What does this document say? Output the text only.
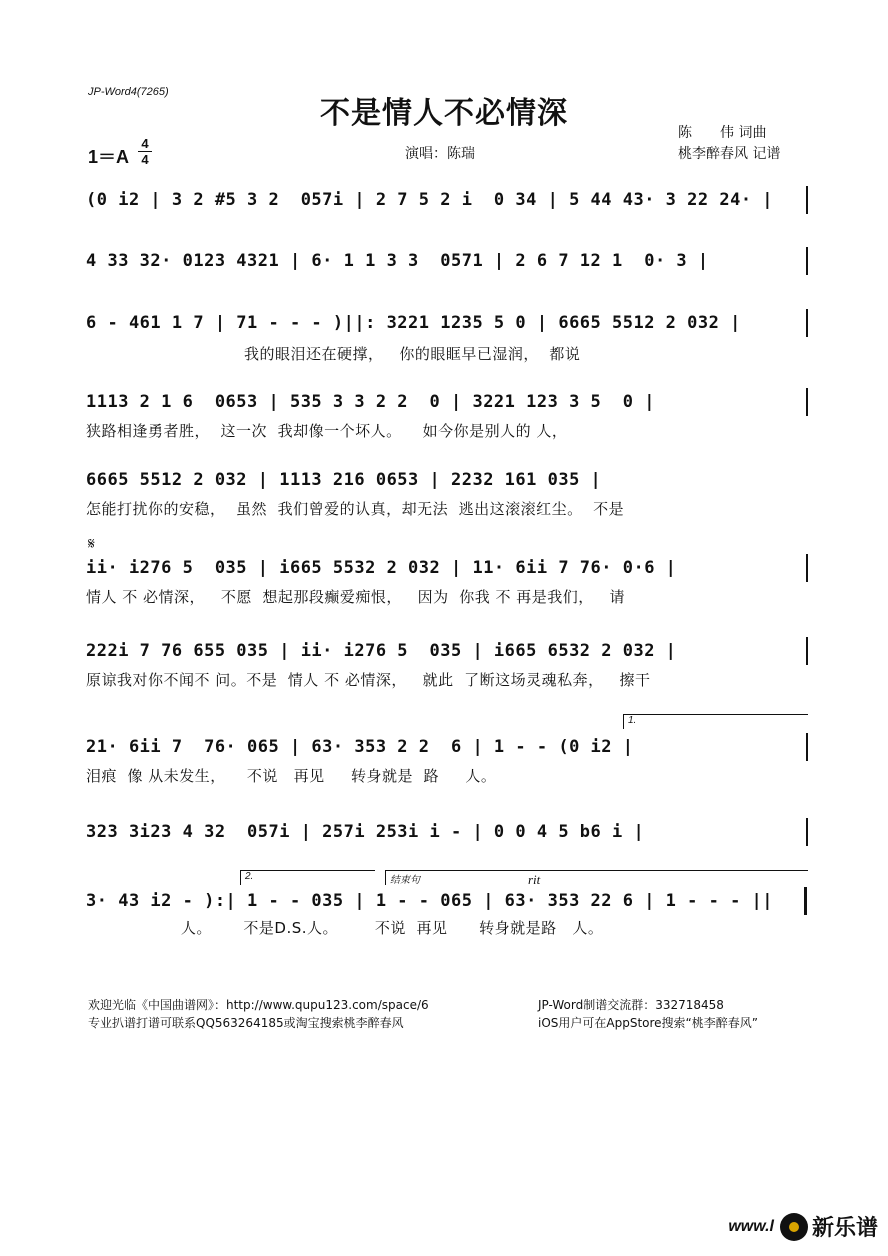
JP-Word4(7265)
不是情人不必情深
陈　　伟 词曲
桃李醉春风 记谱
1＝A
4
4	演唱：陈瑞
(0 i2 | 3 2 #5 3 2  057i | 2 7 5 2 i  0 34 | 5 44 43· 3 22 24· |
4 33 32· 0123 4321 | 6· 1 1 3 3  0571 | 2 6 7 12 1  0· 3 |
6 - 461 1 7 | 71 - - - )||: 3221 1235 5 0 | 6665 5512 2 032 |
我的眼泪还在硬撑，   你的眼眶早已湿润，  都说
1113 2 1 6  0653 | 535 3 3 2 2  0 | 3221 123 3 5  0 |
狭路相逢勇者胜，  这一次  我却像一个坏人。    如今你是别人的 人，
6665 5512 2 032 | 1113 216 0653 | 2232 161 035 |
怎能打扰你的安稳，  虽然  我们曾爱的认真，却无法  逃出这滚滚红尘。  不是
𝄋
ii· i276 5  035 | i665 5532 2 032 | 11· 6ii 7 76· 0·6 |
情人 不 必情深，   不愿  想起那段癫爱痴恨，   因为  你我 不 再是我们，   请
222i 7 76 655 035 | ii· i276 5  035 | i665 6532 2 032 |
原谅我对你不闻不 问。不是  情人 不 必情深，   就此  了断这场灵魂私奔，   擦干
1.
21· 6ii 7  76· 065 | 63· 353 2 2  6 | 1 - - (0 i2 |
泪痕  像 从未发生，    不说   再见     转身就是  路     人。
323 3i23 4 32  057i | 257i 253i i - | 0 0 4 5 b6 i |
2.	结束句	rit
3· 43 i2 - ):| 1 - - 035 | 1 - - 065 | 63· 353 22 6 | 1 - - - ||
人。      不是D.S.人。       不说  再见      转身就是路   人。
欢迎光临《中国曲谱网》：http://www.qupu123.com/space/6
专业扒谱打谱可联系QQ563264185或淘宝搜索桃李醉春风
JP-Word制谱交流群：332718458
iOS用户可在AppStore搜索“桃李醉春风”
www.l 新乐谱
